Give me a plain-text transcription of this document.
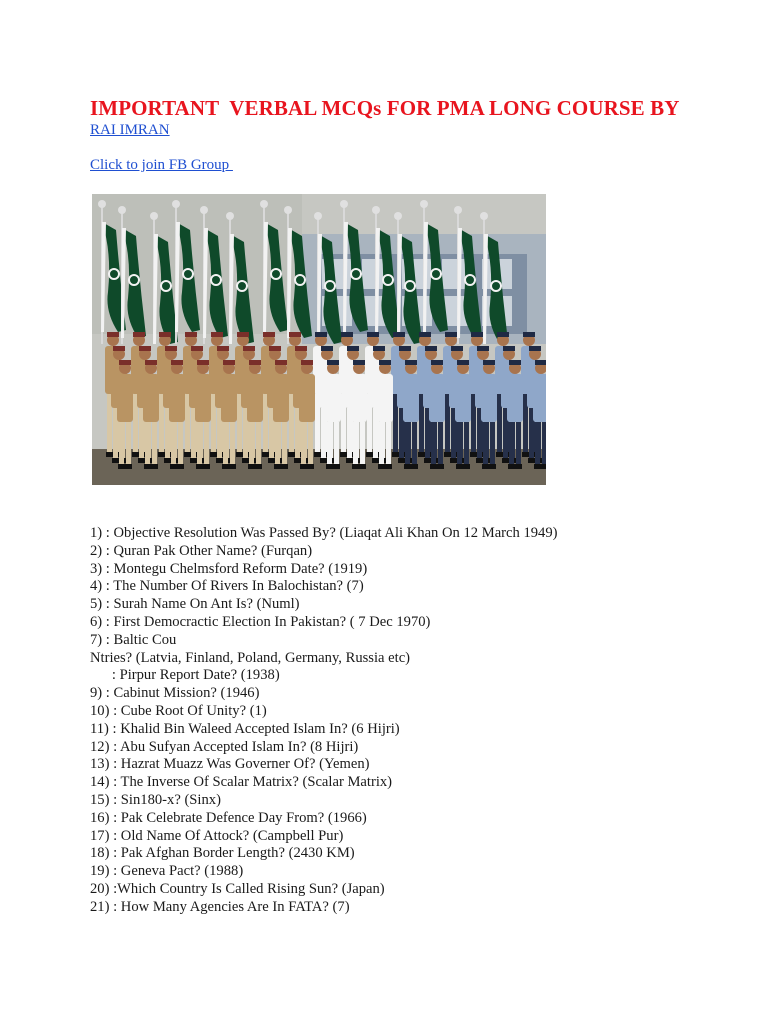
IMPORTANT  VERBAL MCQs FOR PMA LONG COURSE BY
RAI IMRAN
Click to join FB Group
1) : Objective Resolution Was Passed By? (Liaqat Ali Khan On 12 March 1949)
2) : Quran Pak Other Name? (Furqan)
3) : Montegu Chelmsford Reform Date? (1919)
4) : The Number Of Rivers In Balochistan? (7)
5) : Surah Name On Ant Is? (Numl)
6) : First Democractic Election In Pakistan? ( 7 Dec 1970)
7) : Baltic Cou
Ntries? (Latvia, Finland, Poland, Germany, Russia etc)
: Pirpur Report Date? (1938)
9) : Cabinut Mission? (1946)
10) : Cube Root Of Unity? (1)
11) : Khalid Bin Waleed Accepted Islam In? (6 Hijri)
12) : Abu Sufyan Accepted Islam In? (8 Hijri)
13) : Hazrat Muazz Was Governer Of? (Yemen)
14) : The Inverse Of Scalar Matrix? (Scalar Matrix)
15) : Sin180-x? (Sinx)
16) : Pak Celebrate Defence Day From? (1966)
17) : Old Name Of Attock? (Campbell Pur)
18) : Pak Afghan Border Length? (2430 KM)
19) : Geneva Pact? (1988)
20) :Which Country Is Called Rising Sun? (Japan)
21) : How Many Agencies Are In FATA? (7)
